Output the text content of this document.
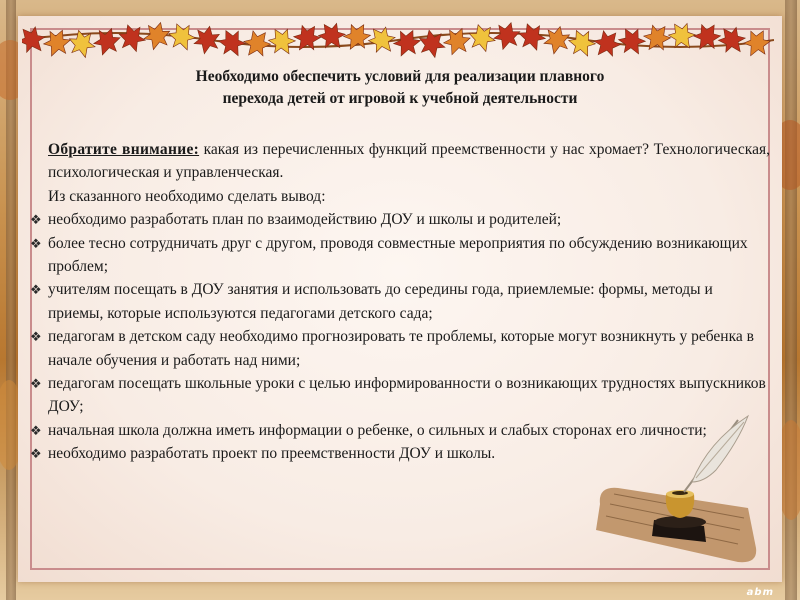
Необходимо обеспечить условий для реализации плавного
перехода детей от игровой к учебной деятельности
Обратите внимание: какая из перечисленных функций преемственности у нас хромает? Технологическая, психологическая и управленческая.
Из сказанного необходимо сделать вывод:
❖ необходимо разработать план по взаимодействию ДОУ и школы и родителей;
❖ более тесно сотрудничать друг с другом, проводя совместные мероприятия по обсуждению возникающих проблем;
❖ учителям посещать в ДОУ занятия и использовать до середины года, приемлемые: формы, методы и приемы, которые используются педагогами детского сада;
❖ педагогам в детском саду необходимо прогнозировать те проблемы, которые могут возникнуть у ребенка в начале обучения и работать над ними;
❖ педагогам посещать школьные уроки с целью информированности о возникающих трудностях выпускников ДОУ;
❖ начальная школа должна иметь информации о ребенке, о сильных и слабых сторонах его личности;
❖ необходимо разработать проект по преемственности ДОУ и школы.
abm
